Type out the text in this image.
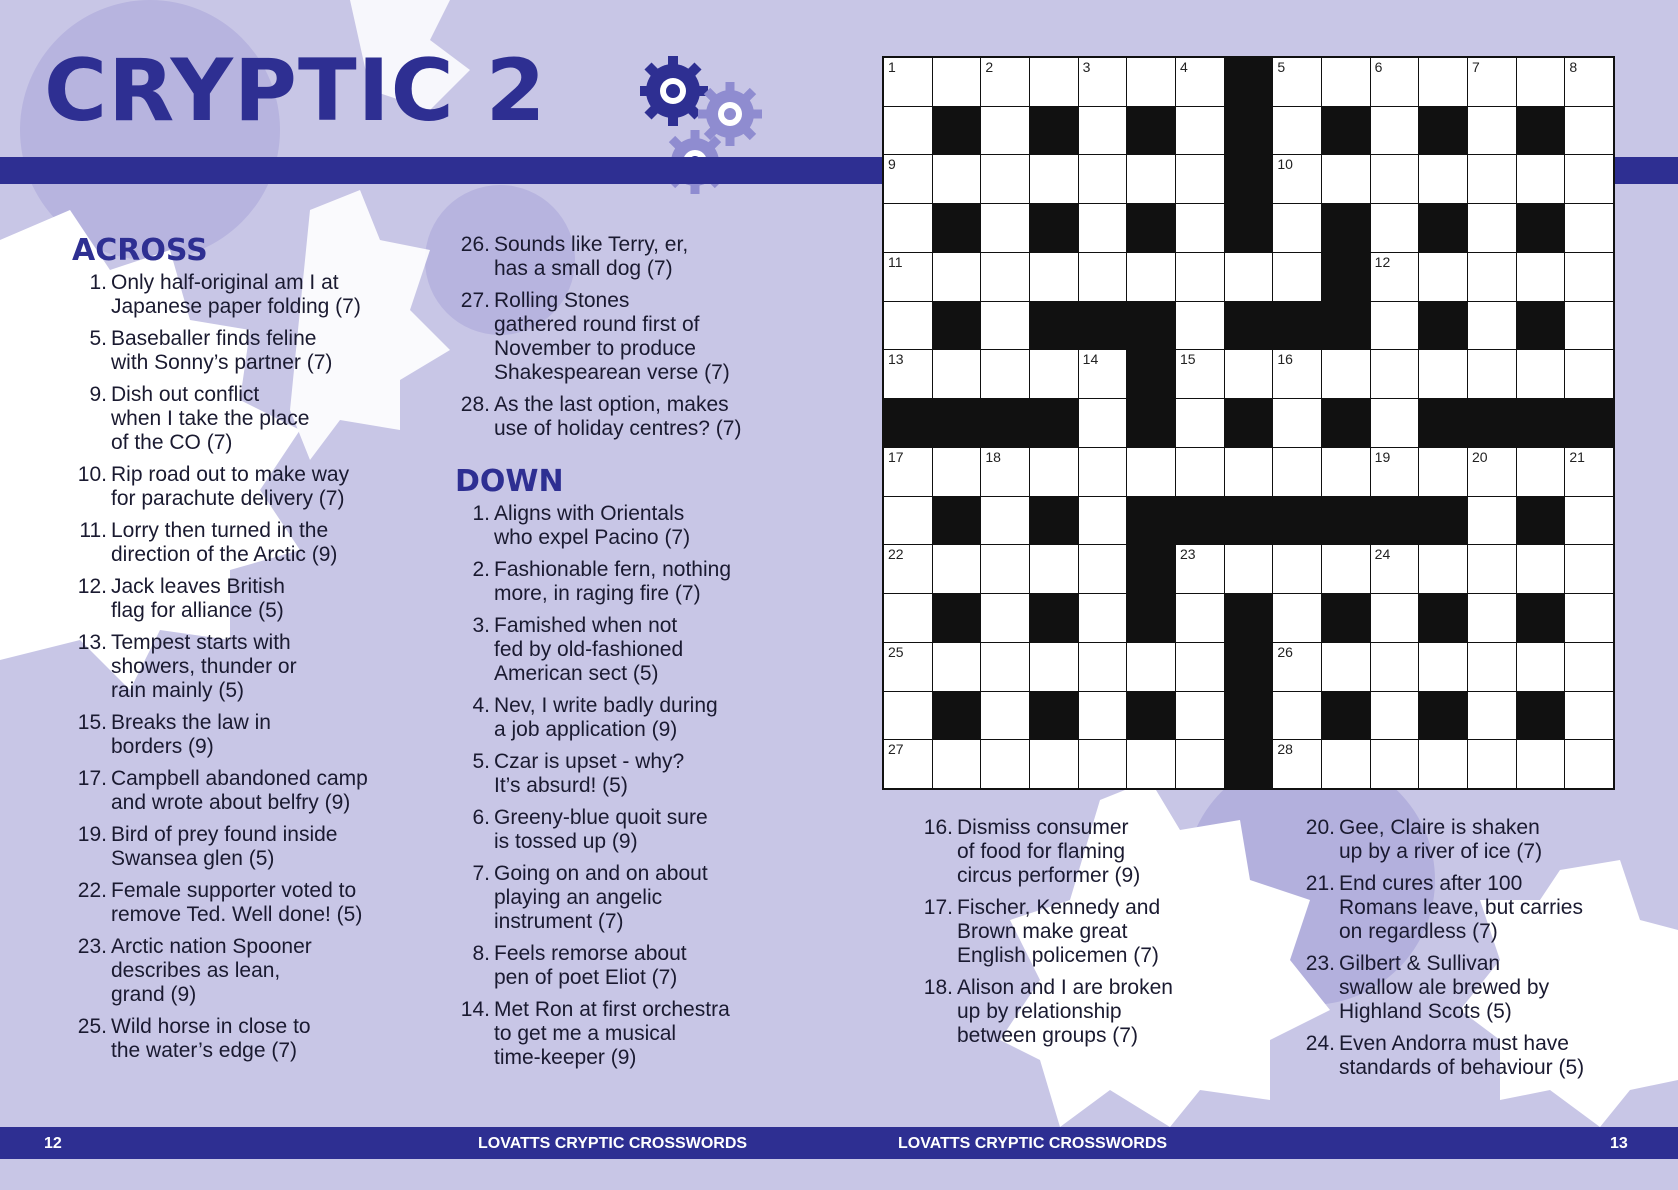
CRYPTIC 2
ACROSS
1. Only half-original am I at
Japanese paper folding (7)
5. Baseballer finds feline
with Sonny’s partner (7)
9. Dish out conflict
when I take the place
of the CO (7)
10. Rip road out to make way
for parachute delivery (7)
11. Lorry then turned in the
direction of the Arctic (9)
12. Jack leaves British
flag for alliance (5)
13. Tempest starts with
showers, thunder or
rain mainly (5)
15. Breaks the law in
borders (9)
17. Campbell abandoned camp
and wrote about belfry (9)
19. Bird of prey found inside
Swansea glen (5)
22. Female supporter voted to
remove Ted. Well done! (5)
23. Arctic nation Spooner
describes as lean,
grand (9)
25. Wild horse in close to
the water’s edge (7)
26. Sounds like Terry, er,
has a small dog (7)
27. Rolling Stones
gathered round first of
November to produce
Shakespearean verse (7)
28. As the last option, makes
use of holiday centres? (7)
DOWN
1. Aligns with Orientals
who expel Pacino (7)
2. Fashionable fern, nothing
more, in raging fire (7)
3. Famished when not
fed by old-fashioned
American sect (5)
4. Nev, I write badly during
a job application (9)
5. Czar is upset - why?
It’s absurd! (5)
6. Greeny-blue quoit sure
is tossed up (9)
7. Going on and on about
playing an angelic
instrument (7)
8. Feels remorse about
pen of poet Eliot (7)
14. Met Ron at first orchestra
to get me a musical
time-keeper (9)
16. Dismiss consumer
of food for flaming
circus performer (9)
17. Fischer, Kennedy and
Brown make great
English policemen (7)
18. Alison and I are broken
up by relationship
between groups (7)
20. Gee, Claire is shaken
up by a river of ice (7)
21. End cures after 100
Romans leave, but carries
on regardless (7)
23. Gilbert & Sullivan
swallow ale brewed by
Highland Scots (5)
24. Even Andorra must have
standards of behaviour (5)
1	2	3	4	5	6	7	8
9	10
11	12
13	14	15	16
17	18	19	20	21
22	23	24
25	26
27	28
12	LOVATTS CRYPTIC CROSSWORDS	LOVATTS CRYPTIC CROSSWORDS	13
